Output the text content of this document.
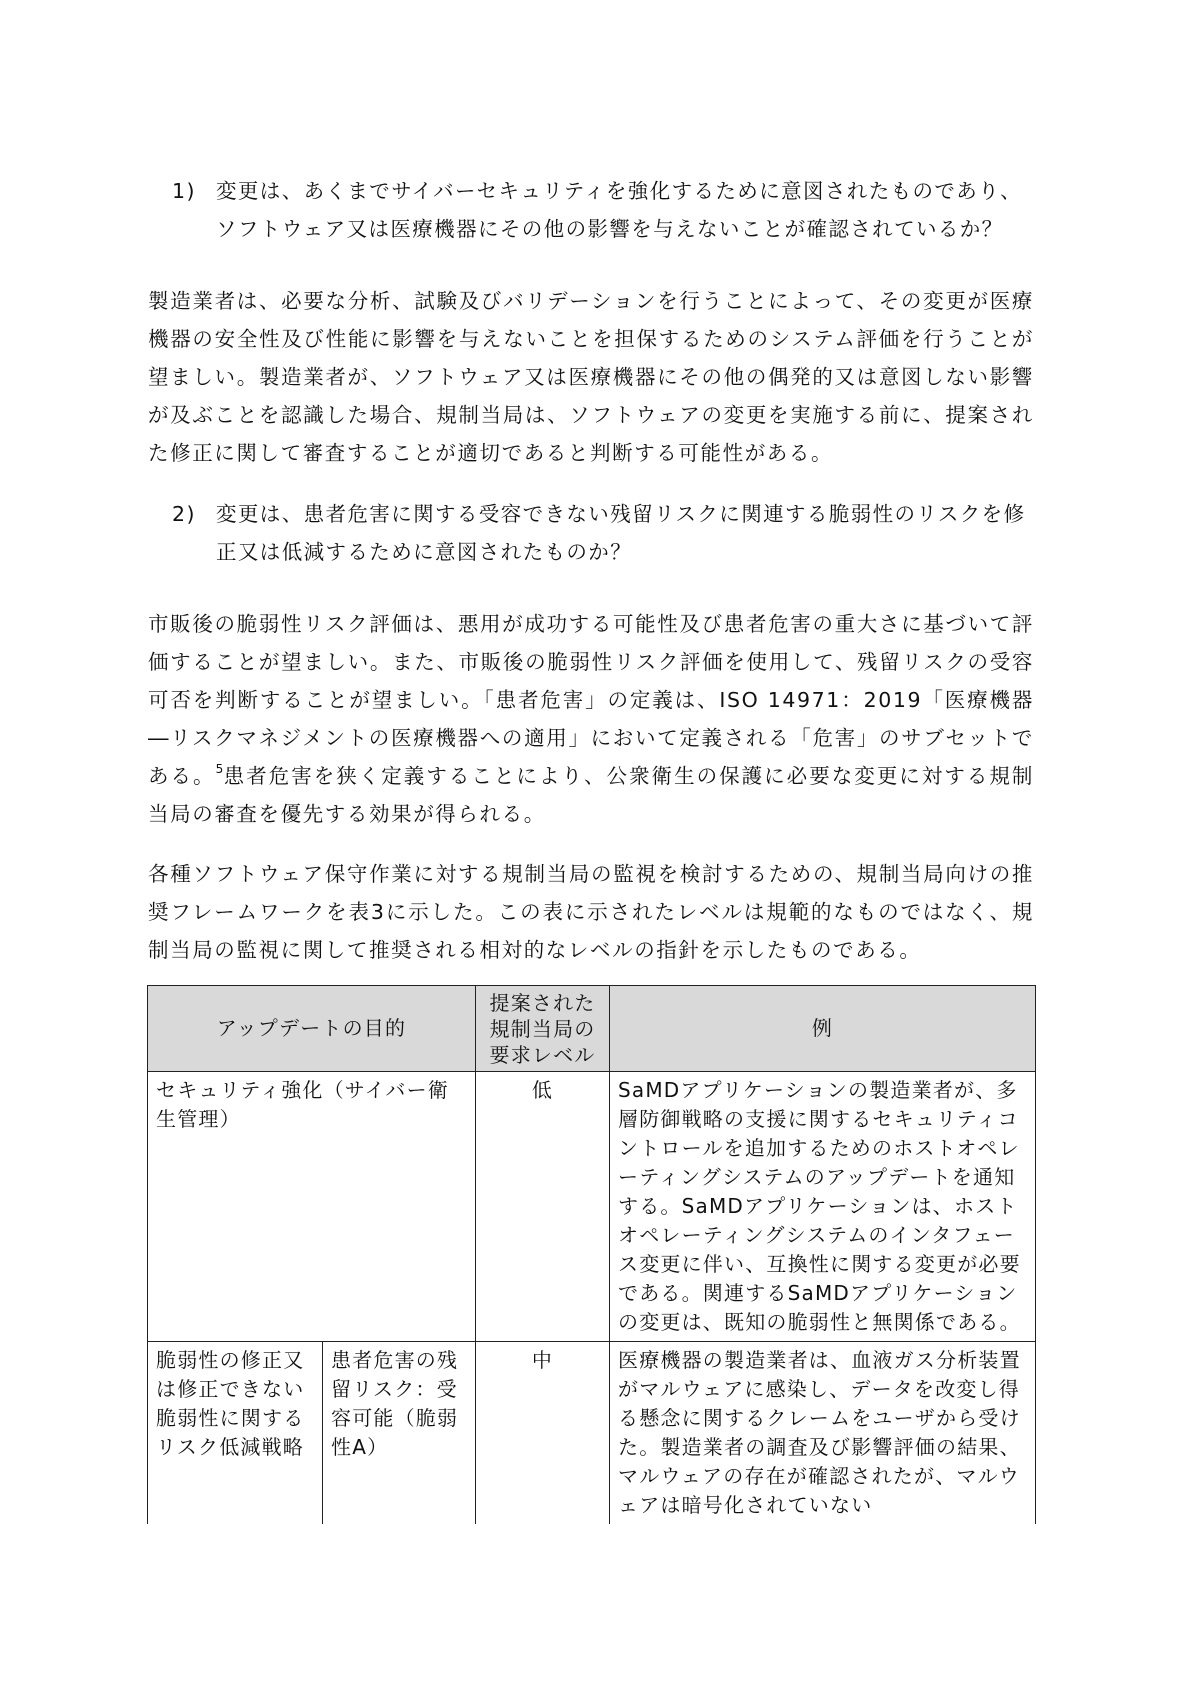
1) 変更は、あくまでサイバーセキュリティを強化するために意図されたものであり、ソフトウェア又は医療機器にその他の影響を与えないことが確認されているか？

製造業者は、必要な分析、試験及びバリデーションを行うことによって、その変更が医療機器の安全性及び性能に影響を与えないことを担保するためのシステム評価を行うことが望ましい。製造業者が、ソフトウェア又は医療機器にその他の偶発的又は意図しない影響が及ぶことを認識した場合、規制当局は、ソフトウェアの変更を実施する前に、提案された修正に関して審査することが適切であると判断する可能性がある。

2) 変更は、患者危害に関する受容できない残留リスクに関連する脆弱性のリスクを修正又は低減するために意図されたものか？

市販後の脆弱性リスク評価は、悪用が成功する可能性及び患者危害の重大さに基づいて評価することが望ましい。また、市販後の脆弱性リスク評価を使用して、残留リスクの受容可否を判断することが望ましい。「患者危害」の定義は、ISO 14971：2019「医療機器―リスクマネジメントの医療機器への適用」において定義される「危害」のサブセットである。$^5$患者危害を狭く定義することにより、公衆衛生の保護に必要な変更に対する規制当局の審査を優先する効果が得られる。

各種ソフトウェア保守作業に対する規制当局の監視を検討するための、規制当局向けの推奨フレームワークを表3に示した。この表に示されたレベルは規範的なものではなく、規制当局の監視に関して推奨される相対的なレベルの指針を示したものである。

アップデートの目的		提案された規制当局の要求レベル	例
セキュリティ強化（サイバー衛生管理）		低	SaMDアプリケーションの製造業者が、多層防御戦略の支援に関するセキュリティコントロールを追加するためのホストオペレーティングシステムのアップデートを通知する。SaMDアプリケーションは、ホストオペレーティングシステムのインタフェース変更に伴い、互換性に関する変更が必要である。関連するSaMDアプリケーションの変更は、既知の脆弱性と無関係である。
脆弱性の修正又は修正できない脆弱性に関するリスク低減戦略	患者危害の残留リスク：受容可能（脆弱性A）	中	医療機器の製造業者は、血液ガス分析装置がマルウェアに感染し、データを改変し得る懸念に関するクレームをユーザから受けた。製造業者の調査及び影響評価の結果、マルウェアの存在が確認されたが、マルウェアは暗号化されていない
